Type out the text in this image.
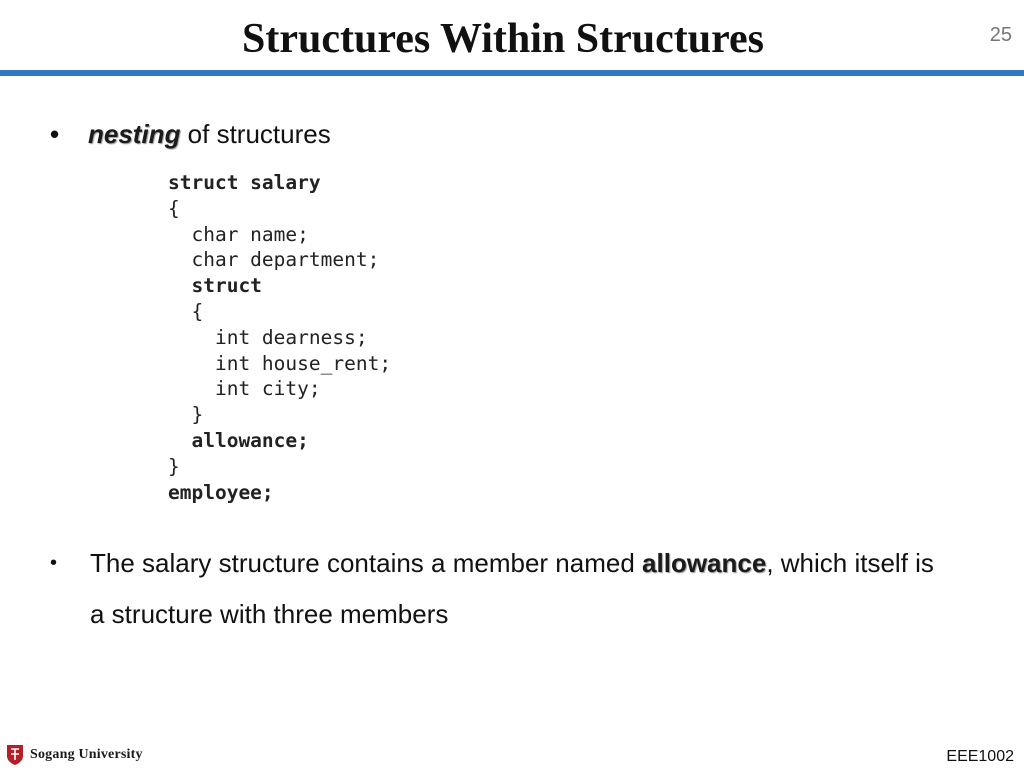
Structures Within Structures	25
• nesting of structures
struct salary
{
char name;
char department;
struct
{
int dearness;
int house_rent;
int city;
}
allowance;
}
employee;
• The salary structure contains a member named allowance, which itself is a structure with three members
Sogang University	EEE1002
